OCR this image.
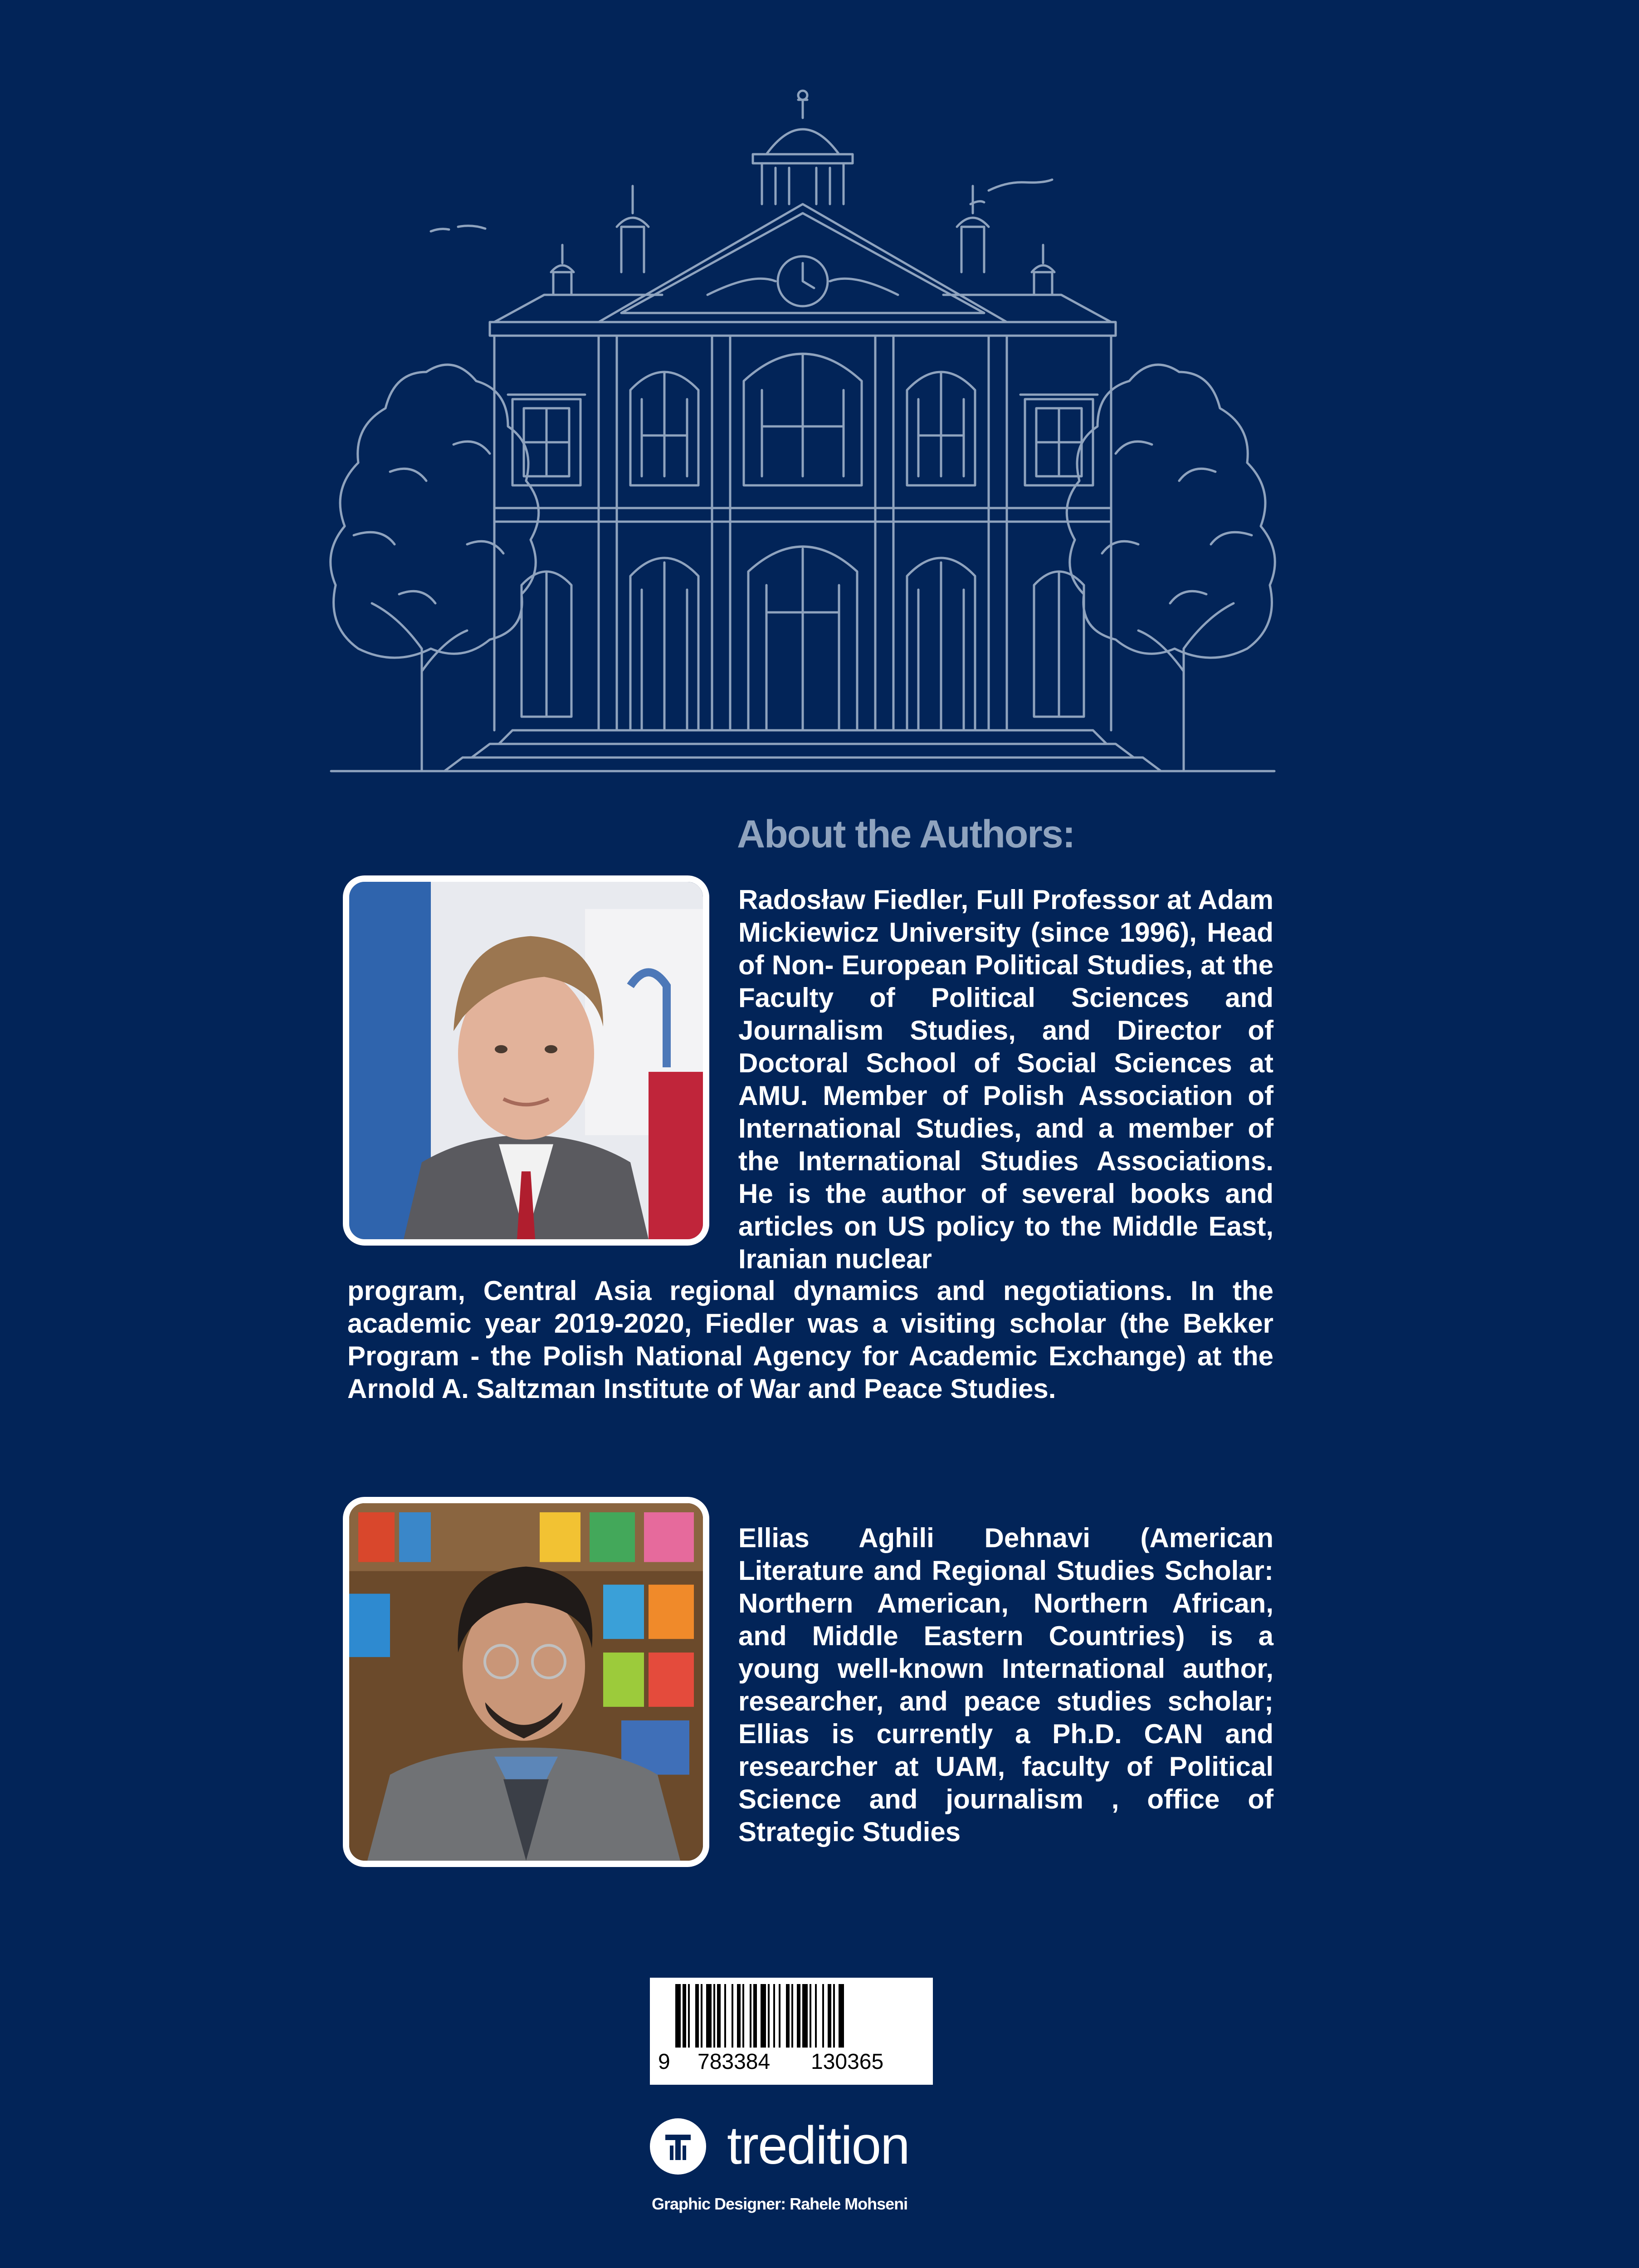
About the Authors:

Radosław Fiedler, Full Professor at Adam Mickiewicz University (since 1996), Head of Non- European Political Studies, at the Faculty of Political Sciences and Journalism Studies, and Director of Doctoral School of Social Sciences at AMU. Member of Polish Association of International Studies, and a member of the International Studies Associations. He is the author of several books and articles on US policy to the Middle East, Iranian nuclear

program, Central Asia regional dynamics and negotiations. In the academic year 2019-2020, Fiedler was a visiting scholar (the Bekker Program - the Polish National Agency for Academic Exchange) at the Arnold A. Saltzman Institute of War and Peace Studies.

Ellias Aghili Dehnavi (American Literature and Regional Studies Scholar: Northern American, Northern African, and Middle Eastern Countries) is a young well-known International author, researcher, and peace studies scholar; Ellias is currently a Ph.D. CAN and researcher at UAM, faculty of Political Science and journalism , office of Strategic Studies

9 783384 130365
tredition
Graphic Designer: Rahele Mohseni
